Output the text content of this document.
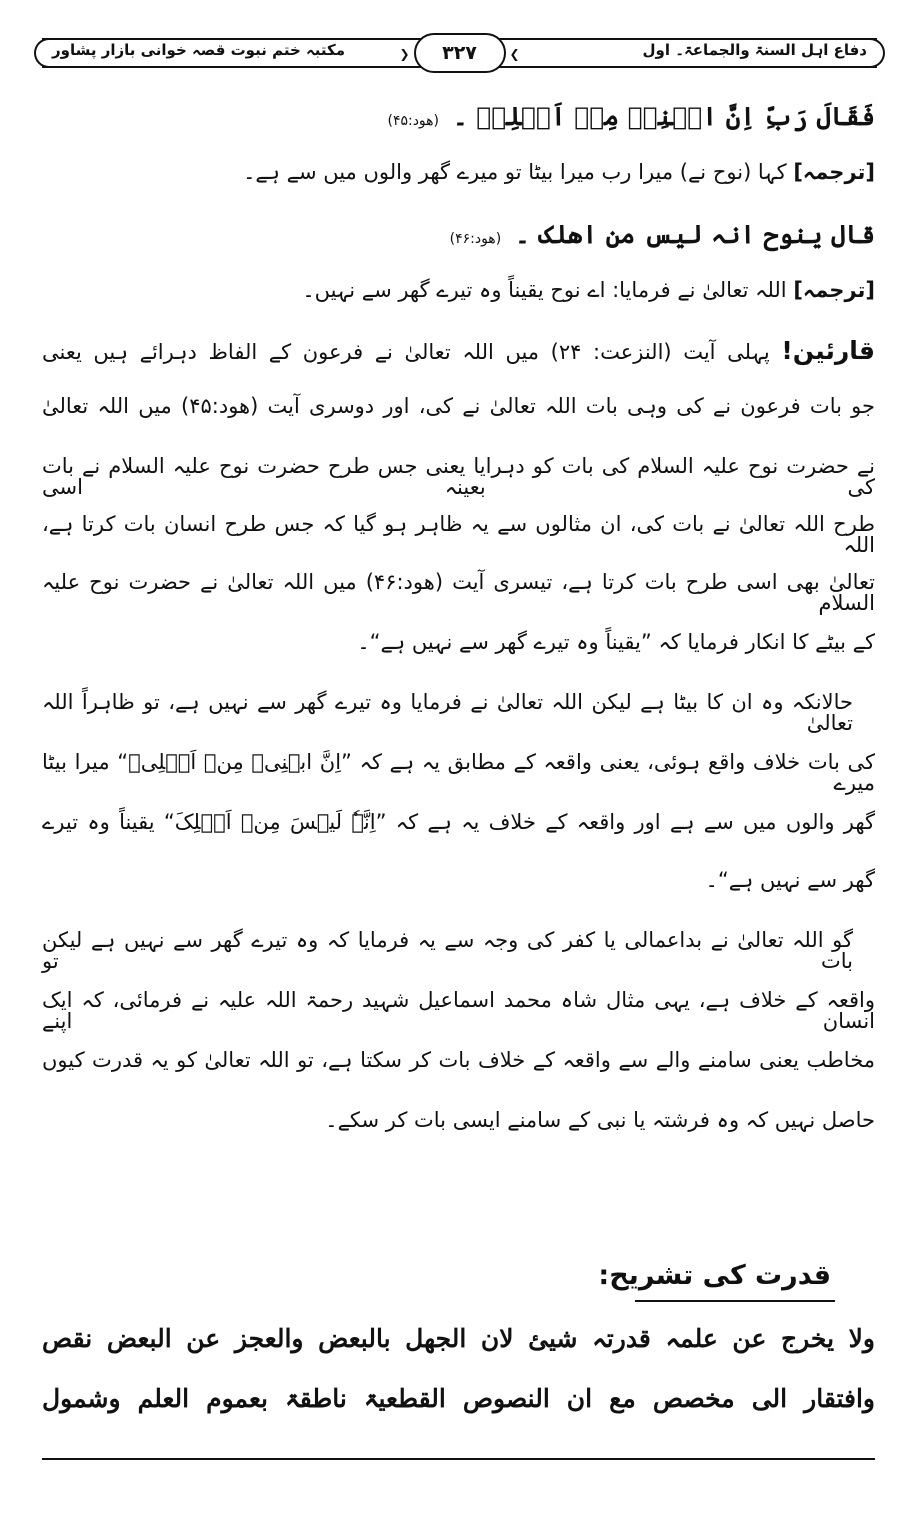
دفاع اہل السنۃ والجماعۃ۔ اول
مکتبہ ختم نبوت قصہ خوانی بازار پشاور	❮ ۳۲۷	❯
فَقَالَ رَبِّ اِنَّ ابۡنِیۡ مِنۡ اَہۡلِیۡ ۔(ھود:۴۵)
[ترجمہ] کہا (نوح نے) میرا رب میرا بیٹا تو میرے گھر والوں میں سے ہے۔
قال ینوح انہ لیس من اھلک ۔(ھود:۴۶)
[ترجمہ] اللہ تعالیٰ نے فرمایا: اے نوح یقیناً وہ تیرے گھر سے نہیں۔
قارئین! پہلی آیت (النزعت: ۲۴) میں اللہ تعالیٰ نے فرعون کے الفاظ دہرائے ہیں یعنی
جو بات فرعون نے کی وہی بات اللہ تعالیٰ نے کی، اور دوسری آیت (ھود:۴۵) میں اللہ تعالیٰ
نے حضرت نوح علیہ السلام کی بات کو دہرایا یعنی جس طرح حضرت نوح علیہ السلام نے بات کی بعینہ اسی
طرح اللہ تعالیٰ نے بات کی، ان مثالوں سے یہ ظاہر ہو گیا کہ جس طرح انسان بات کرتا ہے، اللہ
تعالیٰ بھی اسی طرح بات کرتا ہے، تیسری آیت (ھود:۴۶) میں اللہ تعالیٰ نے حضرت نوح علیہ السلام
کے بیٹے کا انکار فرمایا کہ ”یقیناً وہ تیرے گھر سے نہیں ہے“۔
حالانکہ وہ ان کا بیٹا ہے لیکن اللہ تعالیٰ نے فرمایا وہ تیرے گھر سے نہیں ہے، تو ظاہراً اللہ تعالیٰ
کی بات خلاف واقع ہوئی، یعنی واقعہ کے مطابق یہ ہے کہ ”اِنَّ ابۡنِیۡ مِنۡ اَہۡلِیۡ“ میرا بیٹا میرے
گھر والوں میں سے ہے اور واقعہ کے خلاف یہ ہے کہ ”اِنَّہٗ لَیۡسَ مِنۡ اَہۡلِکَ“ یقیناً وہ تیرے
گھر سے نہیں ہے“۔
گو اللہ تعالیٰ نے بداعمالی یا کفر کی وجہ سے یہ فرمایا کہ وہ تیرے گھر سے نہیں ہے لیکن بات تو
واقعہ کے خلاف ہے، یہی مثال شاہ محمد اسماعیل شہید رحمۃ اللہ علیہ نے فرمائی، کہ ایک انسان اپنے
مخاطب یعنی سامنے والے سے واقعہ کے خلاف بات کر سکتا ہے، تو اللہ تعالیٰ کو یہ قدرت کیوں
حاصل نہیں کہ وہ فرشتہ یا نبی کے سامنے ایسی بات کر سکے۔
قدرت کی تشریح:
ولا یخرج عن علمہ قدرتہ شیئ لان الجھل بالبعض والعجز عن البعض نقص
وافتقار الی مخصص مع ان النصوص القطعیۃ ناطقۃ بعموم العلم وشمول
